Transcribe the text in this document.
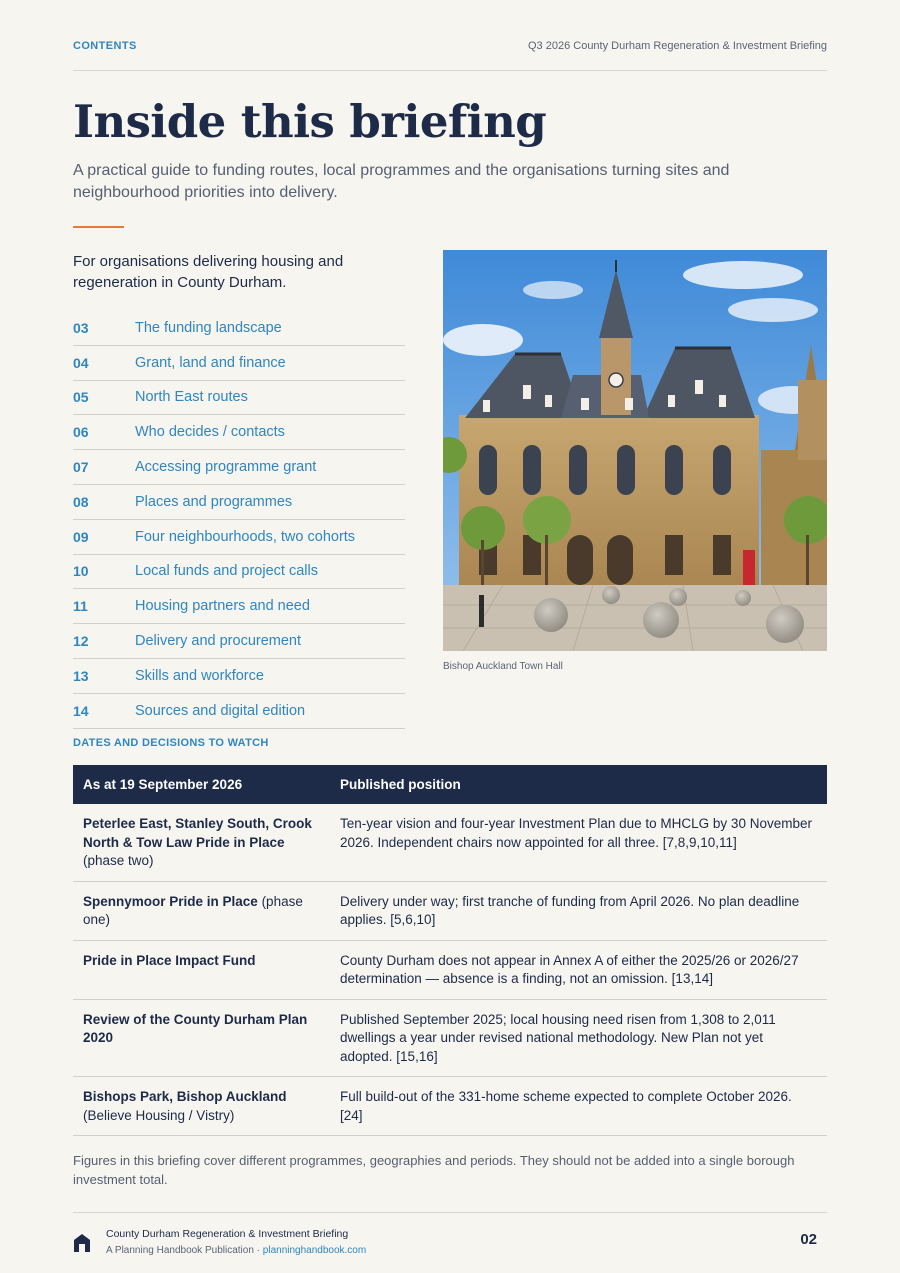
CONTENTS	Q3 2026 County Durham Regeneration & Investment Briefing
Inside this briefing

A practical guide to funding routes, local programmes and the organisations turning sites and neighbourhood priorities into delivery.

For organisations delivering housing and regeneration in County Durham.

03	The funding landscape
04	Grant, land and finance
05	North East routes
06	Who decides / contacts
07	Accessing programme grant
08	Places and programmes
09	Four neighbourhoods, two cohorts
10	Local funds and project calls
11	Housing partners and need
12	Delivery and procurement
13	Skills and workforce
14	Sources and digital edition
Bishop Auckland Town Hall
DATES AND DECISIONS TO WATCH
As at 19 September 2026	Published position
Peterlee East, Stanley South, Crook North & Tow Law Pride in Place (phase two)	Ten-year vision and four-year Investment Plan due to MHCLG by 30 November 2026. Independent chairs now appointed for all three. [7,8,9,10,11]
Spennymoor Pride in Place (phase one)	Delivery under way; first tranche of funding from April 2026. No plan deadline applies. [5,6,10]
Pride in Place Impact Fund	County Durham does not appear in Annex A of either the 2025/26 or 2026/27 determination — absence is a finding, not an omission. [13,14]
Review of the County Durham Plan 2020	Published September 2025; local housing need risen from 1,308 to 2,011 dwellings a year under revised national methodology. New Plan not yet adopted. [15,16]
Bishops Park, Bishop Auckland (Believe Housing / Vistry)	Full build-out of the 331-home scheme expected to complete October 2026. [24]

Figures in this briefing cover different programmes, geographies and periods. They should not be added into a single borough investment total.

County Durham Regeneration & Investment Briefing
A Planning Handbook Publication · planninghandbook.com
02
